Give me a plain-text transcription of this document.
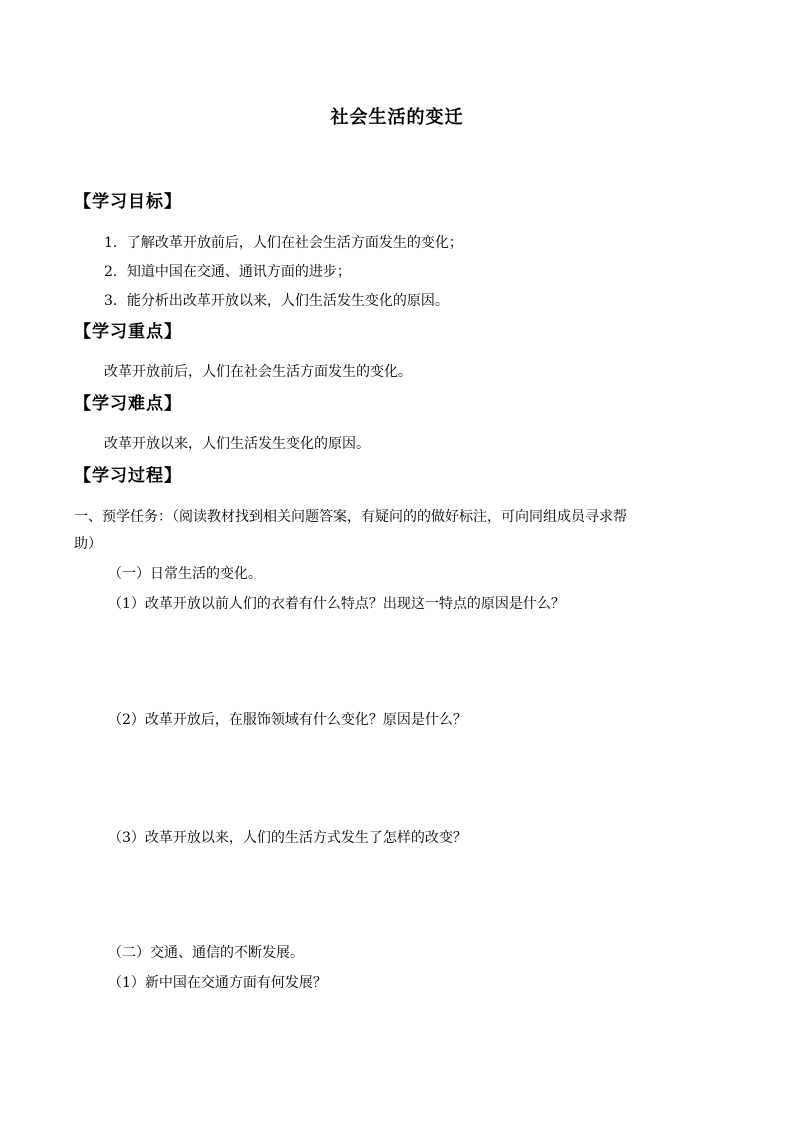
社会生活的变迁
【学习目标】
1．了解改革开放前后，人们在社会生活方面发生的变化；
2．知道中国在交通、通讯方面的进步；
3．能分析出改革开放以来，人们生活发生变化的原因。
【学习重点】
改革开放前后，人们在社会生活方面发生的变化。
【学习难点】
改革开放以来，人们生活发生变化的原因。
【学习过程】
一、预学任务：（阅读教材找到相关问题答案，有疑问的的做好标注，可向同组成员寻求帮
助）
（一）日常生活的变化。
（1）改革开放以前人们的衣着有什么特点？出现这一特点的原因是什么？
（2）改革开放后，在服饰领域有什么变化？原因是什么？
（3）改革开放以来，人们的生活方式发生了怎样的改变？
（二）交通、通信的不断发展。
（1）新中国在交通方面有何发展？
